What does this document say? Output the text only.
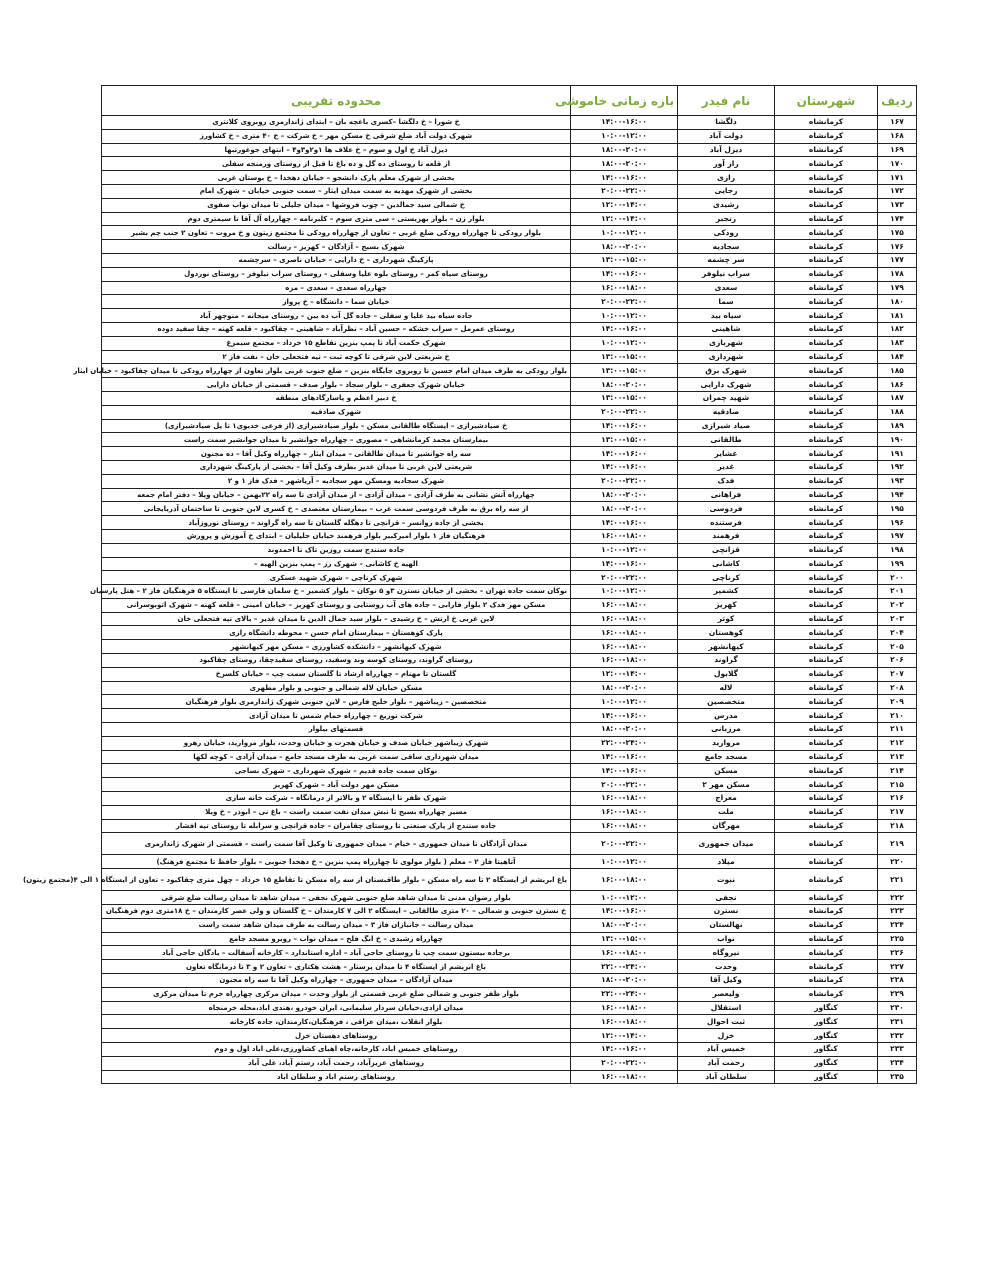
ردیف	شهرستان	نام فیدر	بازه زمانی خاموشی	محدوده تقریبی
۱۶۷	کرمانشاه	دلگشا	۱۴:۰۰-۱۶:۰۰	خ شورا – خ دلگشا –کسری باغچه بان – ابتدای ژاندارمری روبروی کلانتری
۱۶۸	کرمانشاه	دولت آباد	۱۰:۰۰-۱۲:۰۰	شهرک دولت آباد ضلع شرقی خ مسکن مهر – خ شرکت – خ ۴۰ متری – خ کشاورز
۱۶۹	کرمانشاه	دیزل آباد	۱۸:۰۰-۲۰:۰۰	دیزل آباد خ اول و سوم – خ علاف ها ۱و۲و۳و۴ – انتهای جوغورتبها
۱۷۰	کرمانشاه	راز آور	۱۸:۰۰-۲۰:۰۰	از قلعه تا روستای ده گل و ده باغ تا قبل از روستای ورمنجه سفلی
۱۷۱	کرمانشاه	رازی	۱۴:۰۰-۱۶:۰۰	بخشی از شهرک معلم پارک دانشجو – خیابان دهخدا – خ بوستان غربی
۱۷۲	کرمانشاه	رجایی	۲۰:۰۰-۲۲:۰۰	بخشی از شهرک مهدیه به سمت میدان ایثار – سمت جنوبی خیابان – شهرک امام
۱۷۳	کرمانشاه	رشیدی	۱۲:۰۰-۱۴:۰۰	خ شمالی سید جمالدین – چوب فروشها – میدان جلیلی تا میدان نواب صفوی
۱۷۴	کرمانشاه	رنجبر	۱۲:۰۰-۱۴:۰۰	بلوار زن – بلوار بهزیستی – سی متری سوم – کلبرنامه – چهارراه آل آقا تا سیمتری دوم
۱۷۵	کرمانشاه	رودکی	۱۰:۰۰-۱۲:۰۰	بلوار رودکی تا چهارراه رودکی ضلع غربی – تعاون از چهارراه رودکی تا مجتمع زیتون و خ مروت – تعاون ۲ جنب چم بشیر
۱۷۶	کرمانشاه	سجادیه	۱۸:۰۰-۲۰:۰۰	شهرک بسیج – آزادگان – کهریز – رسالت
۱۷۷	کرمانشاه	سر چشمه	۱۳:۰۰-۱۵:۰۰	پارکینگ شهرداری – خ دارایی – خیابان ناصری – سرچشمه
۱۷۸	کرمانشاه	سراب نیلوفر	۱۴:۰۰-۱۶:۰۰	روستای سیاه کمر – روستای بلوه علیا وسفلی – روستای سراب نیلوفر – روستای نوردول
۱۷۹	کرمانشاه	سعدی	۱۶:۰۰-۱۸:۰۰	چهارراه سعدی – سعدی – مزه
۱۸۰	کرمانشاه	سما	۲۰:۰۰-۲۲:۰۰	خیابان سما – دانشگاه – خ پرواز
۱۸۱	کرمانشاه	سیاه بید	۱۰:۰۰-۱۲:۰۰	جاده سیاه بید علیا و سفلی – جاده گل آب ده بین – روستای میجانه – منوچهر آباد
۱۸۲	کرمانشاه	شاهینی	۱۴:۰۰-۱۶:۰۰	روستای عمرمل – سراب خشکه – حسین آباد – نظرآباد – شاهینی – چقاکبود – قلعه کهنه – چقا سفید دوده
۱۸۳	کرمانشاه	شهربازی	۱۰:۰۰-۱۲:۰۰	شهرک حکمت آباد تا پمپ بنزین تقاطع ۱۵ خرداد – مجتمع سیمرغ
۱۸۴	کرمانشاه	شهرداری	۱۳:۰۰-۱۵:۰۰	خ شریعتی لاین شرقی تا کوچه ثبت – تیه فتحعلی خان – نفت فاز ۲
۱۸۵	کرمانشاه	شهرک برق	۱۳:۰۰-۱۵:۰۰	بلوار رودکی به طرف میدان امام حسین تا روبروی جایگاه بنزین – ضلع جنوب غربی بلوار تعاون از چهارراه رودکی تا میدان چقاکبود – خیابان ایثار
۱۸۶	کرمانشاه	شهرک دارایی	۱۸:۰۰-۲۰:۰۰	خیابان شهرک جعفری – بلوار سجاد – بلوار صدف – قسمتی از خیابان دارایی
۱۸۷	کرمانشاه	شهید چمران	۱۳:۰۰-۱۵:۰۰	خ دبیر اعظم و پاسارگادهای منطقه
۱۸۸	کرمانشاه	صادقیه	۲۰:۰۰-۲۲:۰۰	شهرک صادقیه
۱۸۹	کرمانشاه	صیاد شیرازی	۱۴:۰۰-۱۶:۰۰	خ صیادشیرازی – ایستگاه طالقانی مسکن – بلوار صیادشیرازی (از فرعی خدیوی۱ تا پل صیادشیرازی)
۱۹۰	کرمانشاه	طالقانی	۱۳:۰۰-۱۵:۰۰	بیمارستان محمد کرمانشاهی – مصوری – چهارراه جوانشیر تا میدان جوانشیر سمت راست
۱۹۱	کرمانشاه	عشایر	۱۴:۰۰-۱۶:۰۰	سه راه جوانشیر تا میدان طالقانی – میدان ایثار – چهارراه وکیل آقا – ده مجنون
۱۹۲	کرمانشاه	غدیر	۱۴:۰۰-۱۶:۰۰	شریعتی لاین غربی تا میدان غدیر بطرف وکیل آقا – بخشی از پارکینگ شهرداری
۱۹۳	کرمانشاه	فدک	۲۰:۰۰-۲۲:۰۰	شهرک سجادیه ومسکن مهر سجادیه – آریاشهر – فدک فاز ۱ و ۲
۱۹۴	کرمانشاه	فراهانی	۱۸:۰۰-۲۰:۰۰	چهارراه آتش نشانی به طرف آزادی – میدان آزادی – از میدان آزادی تا سه راه ۲۲بهمن – خیابان ویلا – دفتر امام جمعه
۱۹۵	کرمانشاه	فردوسی	۱۸:۰۰-۲۰:۰۰	از سه راه برق به طرف فردوسی سمت غرب – بیمارستان معتضدی – خ کسری لاین جنوبی تا ساختمان آذربایجانی
۱۹۶	کرمانشاه	فرستنده	۱۴:۰۰-۱۶:۰۰	بخشی از جاده روانسر – قزانچی تا دهگله گلستان تا سه راه گراوند – روستای نوروزآباد
۱۹۷	کرمانشاه	فرهمند	۱۶:۰۰-۱۸:۰۰	فرهنگیان فاز ۱ بلوار امیرکبیر بلوار فرهمند خیابان جلیلیان – ابتدای خ آموزش و پرورش
۱۹۸	کرمانشاه	قزانچی	۱۰:۰۰-۱۲:۰۰	جاده سنندج سمت روزین تاک تا احمدوند
۱۹۹	کرمانشاه	کاشانی	۱۴:۰۰-۱۶:۰۰	الهیه خ کاشانی – شهرک رز – پمپ بنزین الهیه –
۲۰۰	کرمانشاه	کرناچی	۲۰:۰۰-۲۲:۰۰	شهرک کرناچی – شهرک شهید عسکری
۲۰۱	کرمانشاه	کشمیر	۱۰:۰۰-۱۲:۰۰	نوکان سمت جاده تهران – بخشی از خیابان نسترن ۳و ۵ نوکان – بلوار کشمیر – خ سلمان فارسی تا ایستگاه ۵ فرهنگیان فاز ۲ – هتل پارسیان
۲۰۲	کرمانشاه	کهریز	۱۶:۰۰-۱۸:۰۰	مسکن مهر فدک ۲ بلوار فارابی – جاده های آب روستایی و روستای کهریز – خیابان امینی – قلعه کهنه – شهرک اتوبوسرانی
۲۰۳	کرمانشاه	کوثر	۱۶:۰۰-۱۸:۰۰	لاین غربی خ ارتش – خ رشیدی – بلوار سید جمال الدین تا میدان غدیر – بالای تپه فتحعلی خان
۲۰۴	کرمانشاه	کوهستان	۱۶:۰۰-۱۸:۰۰	پارک کوهستان – بیمارستان امام حسن – محوطه دانشگاه رازی
۲۰۵	کرمانشاه	کیهانشهر	۱۶:۰۰-۱۸:۰۰	شهرک کیهانشهر – دانشکده کشاورزی – مسکن مهر کیهانشهر
۲۰۶	کرمانشاه	گراوند	۱۶:۰۰-۱۸:۰۰	روستای گراوند، روستای کوسه وند وسفید، روستای سفیدچقا، روستای چقاکبود
۲۰۷	کرمانشاه	گلابول	۱۲:۰۰-۱۴:۰۰	گلستان تا مهنام – چهارراه ارشاد تا گلستان سمت چپ – خیابان کلسرخ
۲۰۸	کرمانشاه	لاله	۱۸:۰۰-۲۰:۰۰	مسکن خیابان لاله شمالی و جنوبی و بلوار مطهری
۲۰۹	کرمانشاه	متخصصین	۱۰:۰۰-۱۲:۰۰	متخصصین – زیباشهر – بلوار خلیج فارس – لاین جنوبی شهرک ژاندارمری بلوار فرهنگیان
۲۱۰	کرمانشاه	مدرس	۱۴:۰۰-۱۶:۰۰	شرکت توزیع – چهارراه حمام شمس تا میدان آزادی
۲۱۱	کرمانشاه	مرزبانی	۱۸:۰۰-۲۰:۰۰	قسمتهای بیلوار
۲۱۲	کرمانشاه	مروارید	۲۲:۰۰-۲۴:۰۰	شهرک زیباشهر خیابان صدف و خیابان هجرت و خیابان وحدت، بلوار مروارید، خیابان رهرو
۲۱۳	کرمانشاه	مسجد جامع	۱۴:۰۰-۱۶:۰۰	میدان شهرداری ساقی سمت غربی به طرف مسجد جامع – میدان آزادی – کوچه لکها
۲۱۴	کرمانشاه	مسکن	۱۴:۰۰-۱۶:۰۰	نوکان سمت جاده قدیم – شهرک شهرداری – شهرک نساجی
۲۱۵	کرمانشاه	مسکن مهر ۲	۲۰:۰۰-۲۲:۰۰	مسکن مهر دولت آباد – شهرک کهریز
۲۱۶	کرمانشاه	معراج	۱۶:۰۰-۱۸:۰۰	شهرک ظفر تا ایستگاه ۲ و بالاتر از درمانگاه – شرکت خانه سازی
۲۱۷	کرمانشاه	ملت	۱۶:۰۰-۱۸:۰۰	مسیر چهارراه بسیج تا نبش میدان نفت سمت راست – باغ نی – ابوذر – خ ویلا
۲۱۸	کرمانشاه	مهرگان	۱۶:۰۰-۱۸:۰۰	جاده سنندج از پارک صنعتی تا روستای چقامران – جاده قزانچی و سرابله تا روستای تپه افشار
۲۱۹	کرمانشاه	میدان جمهوری	۲۰:۰۰-۲۲:۰۰	میدان آزادگان تا میدان جمهوری – خیام – میدان جمهوری تا وکیل آقا سمت راست – قسمتی از شهرک ژاندارمری
۲۲۰	کرمانشاه	میلاد	۱۰:۰۰-۱۲:۰۰	آتاهیتا فاز ۲ – معلم ( بلوار مولوی تا چهارراه پمپ بنزین – خ دهخدا جنوبی – بلوار حافظ تا مجتمع فرهنگ)
۲۲۱	کرمانشاه	نبوت	۱۶:۰۰-۱۸:۰۰	باغ ابریشم از ایستگاه ۲ تا سه راه مسکن – بلوار طاقبستان از سه راه مسکن تا تقاطع ۱۵ خرداد – چهل متری چقاکبود – تعاون از ایستگاه ۱ الی ۴(مجتمع زیتون)
۲۲۲	کرمانشاه	نجفی	۱۰:۰۰-۱۲:۰۰	بلوار رضوان مدنی تا میدان شاهد ضلع جنوبی شهرک نجفی – میدان شاهد تا میدان رسالت ضلع شرقی
۲۲۳	کرمانشاه	نسترن	۱۴:۰۰-۱۶:۰۰	خ نسترن جنوبی و شمالی – ۲۰ متری طالقانی – ایستگاه ۲ الی ۷ کارمندان – خ گلستان و ولی عصر کارمندان – خ ۱۸متری دوم فرهنگیان
۲۲۴	کرمانشاه	نهالستان	۱۸:۰۰-۲۰:۰۰	میدان رسالت – جانبازان فاز ۳ – میدان رسالت به طرف میدان شاهد سمت راست
۲۲۵	کرمانشاه	نواب	۱۳:۰۰-۱۵:۰۰	چهارراه رشیدی – خ انگ فلخ – میدان نواب – روبرو مسجد جامع
۲۲۶	کرمانشاه	نیروگاه	۱۶:۰۰-۱۸:۰۰	برجاده بیستون سمت چپ تا روستای حاجی آباد – اداره استاندارد – کارخانه آسفالت – بادگان حاجی آباد
۲۲۷	کرمانشاه	وحدت	۲۲:۰۰-۲۴:۰۰	باغ ابریشم از ایستگاه ۴ تا میدان پرستار – هشت هکتاری – تعاون ۲ و ۳ تا درمانگاه تعاون
۲۲۸	کرمانشاه	وکیل آقا	۱۸:۰۰-۲۰:۰۰	میدان آزادگان – میدان جمهوری – چهارراه وکیل آقا تا سه راه مجنون
۲۲۹	کرمانشاه	ولیعصر	۲۲:۰۰-۲۴:۰۰	بلوار ظفر جنوبی و شمالی ضلع غربی قسمتی از بلوار وحدت – میدان مرکزی چهارراه خرم تا میدان مرکزی
۲۳۰	کنگاور	استقلال	۱۶:۰۰-۱۸:۰۰	میدان ازادی،خیابان سردار سلیمانی، ایران خودرو ،هندی اباد،محله خرمنجاه
۲۳۱	کنگاور	ثبت احوال	۱۶:۰۰-۱۸:۰۰	بلوار انقلاب ،میدان عراقی ، فرهنگیان،کارمندان، جاده کارخانه
۲۳۲	کنگاور	خزل	۱۲:۰۰-۱۴:۰۰	روستاهای دهستان خزل
۲۳۳	کنگاور	خمیس آباد	۱۴:۰۰-۱۶:۰۰	روستاهای خمیس اباد، کارخانه،چاه اهبای کشاورزی،علی اباد اول و دوم
۲۳۴	کنگاور	رحمت آباد	۲۰:۰۰-۲۲:۰۰	روستاهای عزیزآباد، رحمت آباد، رستم آباد، علی آباد
۲۳۵	کنگاور	سلطان آباد	۱۶:۰۰-۱۸:۰۰	روستاهای رستم اباد و سلطان اباد
